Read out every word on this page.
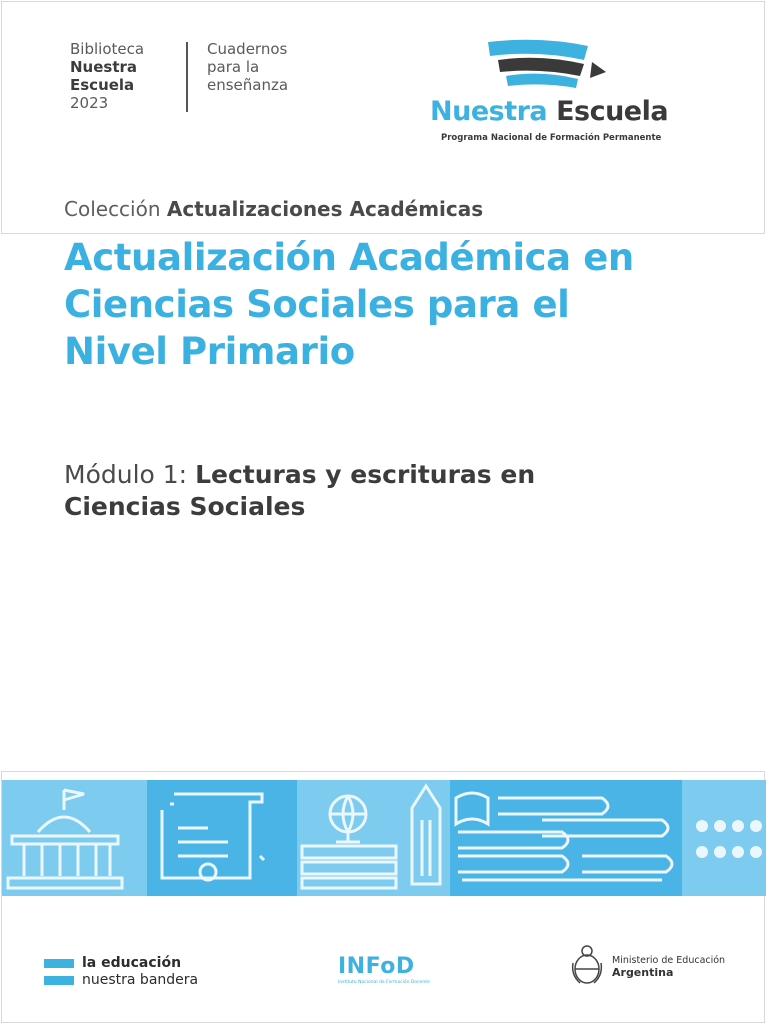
Biblioteca
Nuestra
Escuela
2023
Cuadernos
para la
enseñanza
Nuestra Escuela
Programa Nacional de Formación Permanente
Colección Actualizaciones Académicas
Actualización Académica en
Ciencias Sociales para el
Nivel Primario
Módulo 1: Lecturas y escrituras en
Ciencias Sociales
la educación
nuestra bandera
INFoD
Instituto Nacional de Formación Docente
Ministerio de Educación
Argentina
